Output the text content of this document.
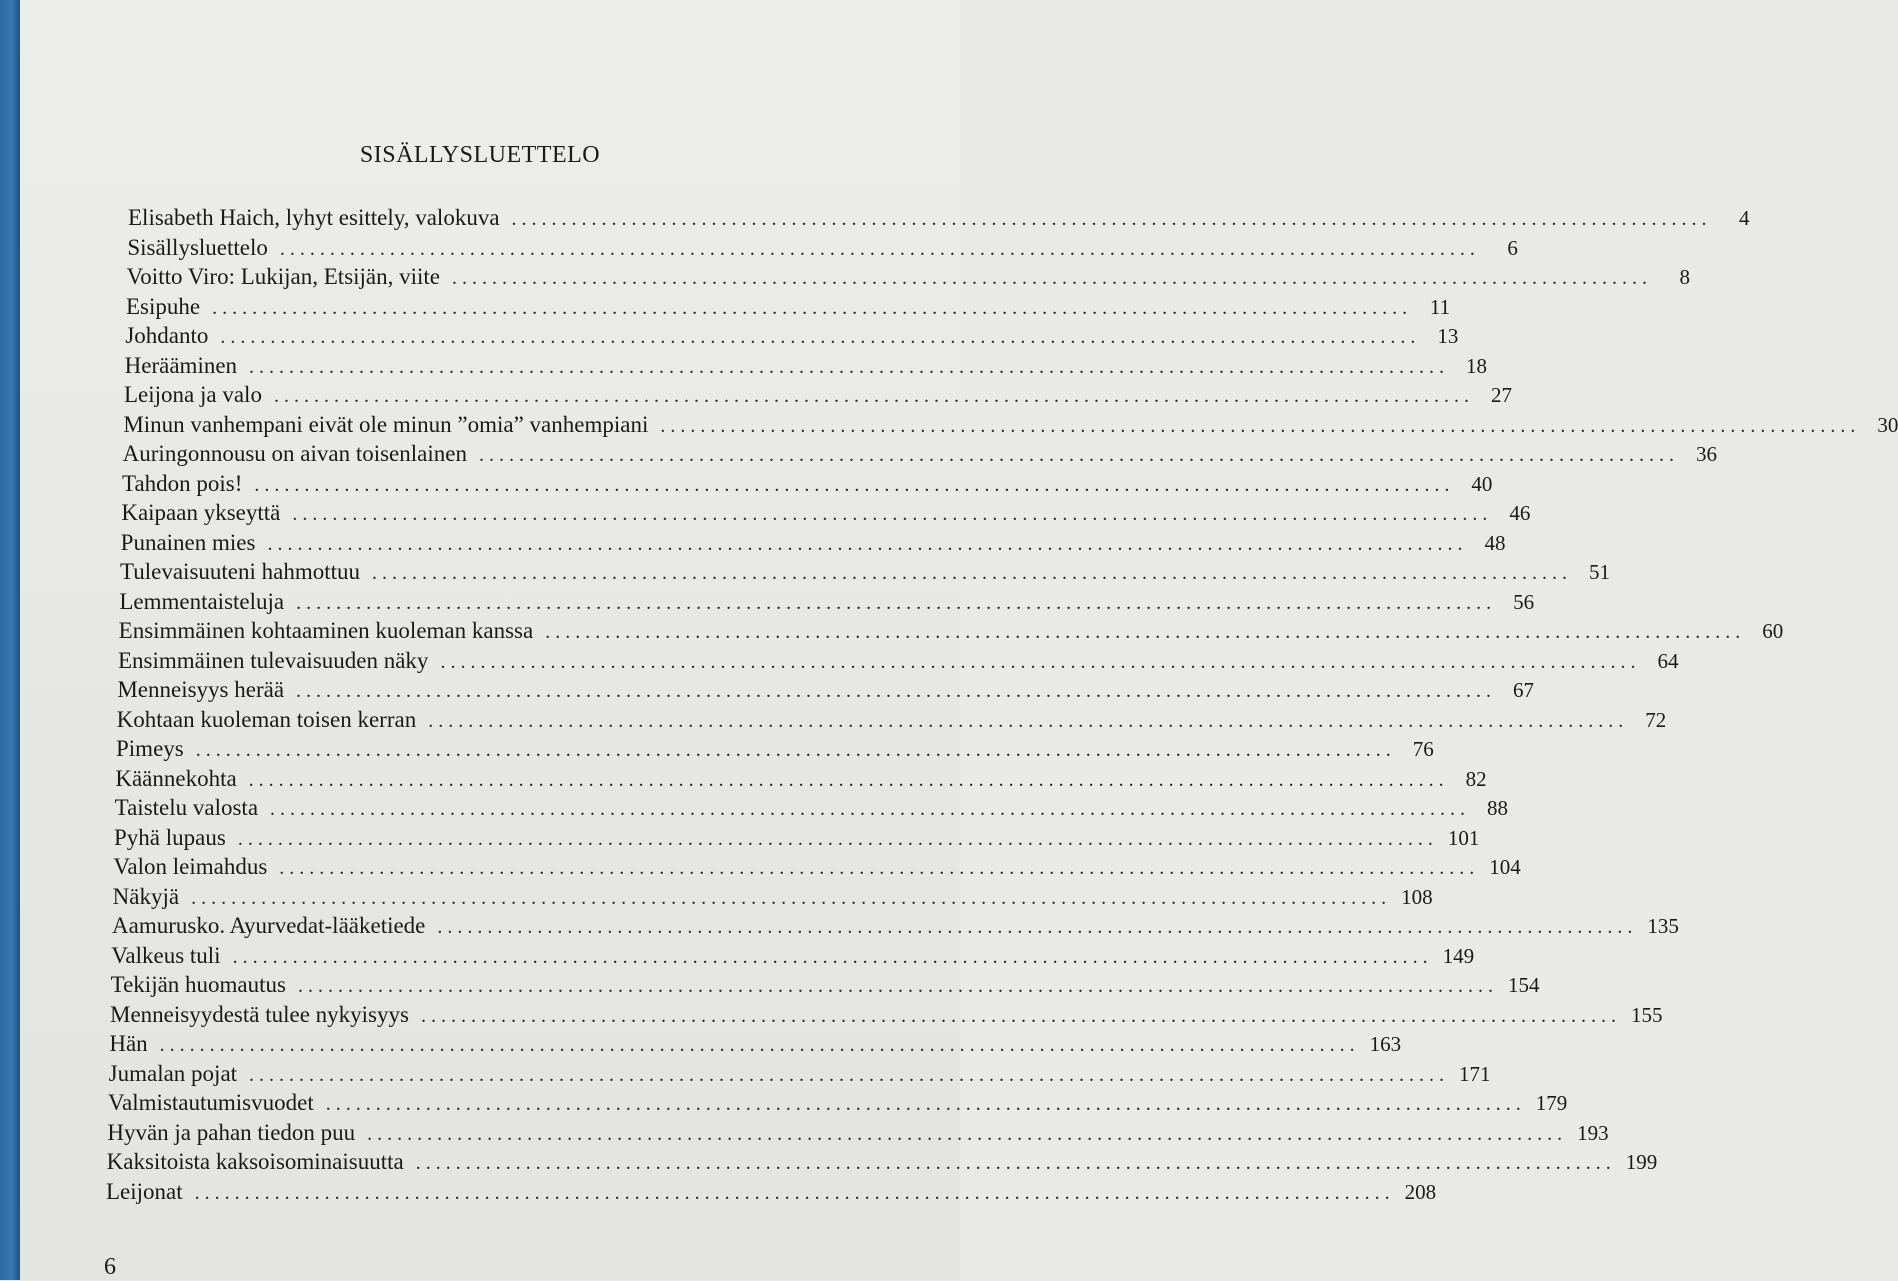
SISÄLLYSLUETTELO
Elisabeth Haich, lyhyt esittely, valokuva ........................................................................................................................	4
Sisällysluettelo ........................................................................................................................	6
Voitto Viro: Lukijan, Etsijän, viite ........................................................................................................................	8
Esipuhe ........................................................................................................................ 11
Johdanto ........................................................................................................................ 13
Herääminen ........................................................................................................................ 18
Leijona ja valo ........................................................................................................................ 27
Minun vanhempani eivät ole minun ”omia” vanhempiani ........................................................................................................................ 30
Auringonnousu on aivan toisenlainen ........................................................................................................................ 36
Tahdon pois! ........................................................................................................................ 40
Kaipaan ykseyttä ........................................................................................................................ 46
Punainen mies ........................................................................................................................ 48
Tulevaisuuteni hahmottuu ........................................................................................................................ 51
Lemmentaisteluja ........................................................................................................................ 56
Ensimmäinen kohtaaminen kuoleman kanssa ........................................................................................................................ 60
Ensimmäinen tulevaisuuden näky ........................................................................................................................ 64
Menneisyys herää ........................................................................................................................ 67
Kohtaan kuoleman toisen kerran ........................................................................................................................ 72
Pimeys ........................................................................................................................ 76
Käännekohta ........................................................................................................................ 82
Taistelu valosta ........................................................................................................................ 88
Pyhä lupaus ........................................................................................................................ 101
Valon leimahdus ........................................................................................................................ 104
Näkyjä ........................................................................................................................ 108
Aamurusko. Ayurvedat-lääketiede ........................................................................................................................ 135
Valkeus tuli ........................................................................................................................ 149
Tekijän huomautus ........................................................................................................................ 154
Menneisyydestä tulee nykyisyys ........................................................................................................................ 155
Hän ........................................................................................................................ 163
Jumalan pojat ........................................................................................................................ 171
Valmistautumisvuodet ........................................................................................................................ 179
Hyvän ja pahan tiedon puu ........................................................................................................................ 193
Kaksitoista kaksoisominaisuutta ........................................................................................................................ 199
Leijonat ........................................................................................................................ 208
6
